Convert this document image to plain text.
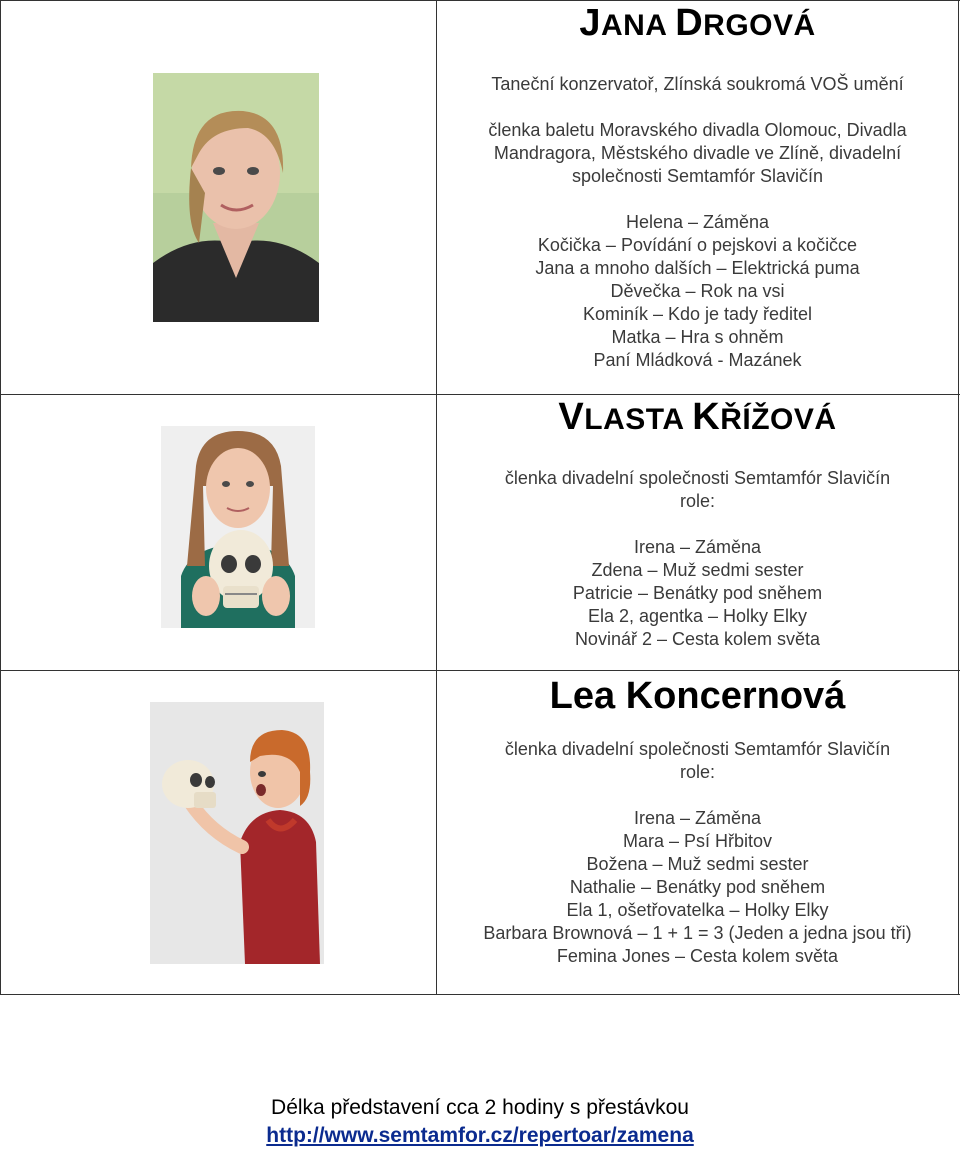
JANA DRGOVÁ

Taneční konzervatoř, Zlínská soukromá VOŠ umění
členka baletu Moravského divadla Olomouc, Divadla
Mandragora, Městského divadle ve Zlíně, divadelní
společnosti Semtamfór Slavičín
Helena – Záměna
Kočička – Povídání o pejskovi a kočičce
Jana a mnoho dalších – Elektrická puma
Děvečka – Rok na vsi
Kominík – Kdo je tady ředitel
Matka – Hra s ohněm
Paní Mládková - Mazánek

VLASTA KŘÍŽOVÁ

členka divadelní společnosti Semtamfór Slavičín
role:
Irena – Záměna
Zdena – Muž sedmi sester
Patricie – Benátky pod sněhem
Ela 2, agentka – Holky Elky
Novinář 2 – Cesta kolem světa

Lea Koncernová

členka divadelní společnosti Semtamfór Slavičín
role:
Irena – Záměna
Mara – Psí Hřbitov
Božena – Muž sedmi sester
Nathalie – Benátky pod sněhem
Ela 1, ošetřovatelka – Holky Elky
Barbara Brownová – 1 + 1 = 3 (Jeden a jedna jsou tři)
Femina Jones – Cesta kolem světa
Délka představení cca 2 hodiny s přestávkou
http://www.semtamfor.cz/repertoar/zamena
